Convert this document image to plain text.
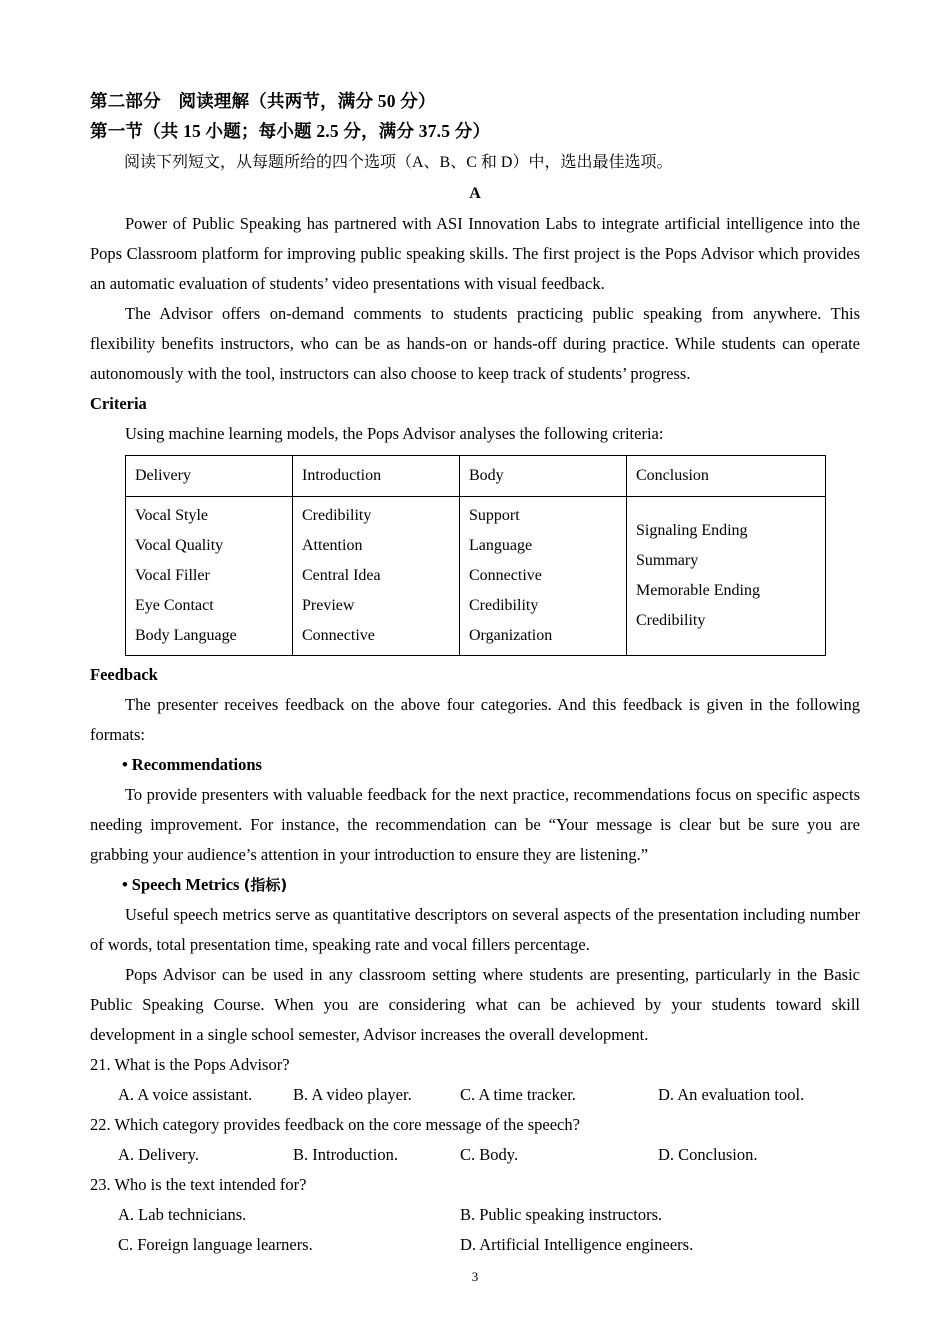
第二部分　阅读理解（共两节，满分 50 分）
第一节（共 15 小题；每小题 2.5 分，满分 37.5 分）
阅读下列短文，从每题所给的四个选项（A、B、C 和 D）中，选出最佳选项。
A

Power of Public Speaking has partnered with ASI Innovation Labs to integrate artificial intelligence into the Pops Classroom platform for improving public speaking skills. The first project is the Pops Advisor which provides an automatic evaluation of students’ video presentations with visual feedback.

The Advisor offers on-demand comments to students practicing public speaking from anywhere. This flexibility benefits instructors, who can be as hands-on or hands-off during practice. While students can operate autonomously with the tool, instructors can also choose to keep track of students’ progress.

Criteria

Using machine learning models, the Pops Advisor analyses the following criteria:

Delivery	Introduction	Body	Conclusion

Vocal Style
Vocal Quality
Vocal Filler
Eye Contact
Body Language

Credibility
Attention
Central Idea
Preview
Connective

Support
Language
Connective
Credibility
Organization

Signaling Ending
Summary
Memorable Ending
Credibility
Feedback

The presenter receives feedback on the above four categories. And this feedback is given in the following formats:

• Recommendations

To provide presenters with valuable feedback for the next practice, recommendations focus on specific aspects needing improvement. For instance, the recommendation can be “Your message is clear but be sure you are grabbing your audience’s attention in your introduction to ensure they are listening.”

• Speech Metrics (指标)

Useful speech metrics serve as quantitative descriptors on several aspects of the presentation including number of words, total presentation time, speaking rate and vocal fillers percentage.

Pops Advisor can be used in any classroom setting where students are presenting, particularly in the Basic Public Speaking Course. When you are considering what can be achieved by your students toward skill development in a single school semester, Advisor increases the overall development.

21. What is the Pops Advisor?
A. A voice assistant. B. A video player.	C. A time tracker.	D. An evaluation tool.
22. Which category provides feedback on the core message of the speech?
A. Delivery.	B. Introduction.	C. Body.	D. Conclusion.
23. Who is the text intended for?
A. Lab technicians.	B. Public speaking instructors.
C. Foreign language learners.	D. Artificial Intelligence engineers.
3
